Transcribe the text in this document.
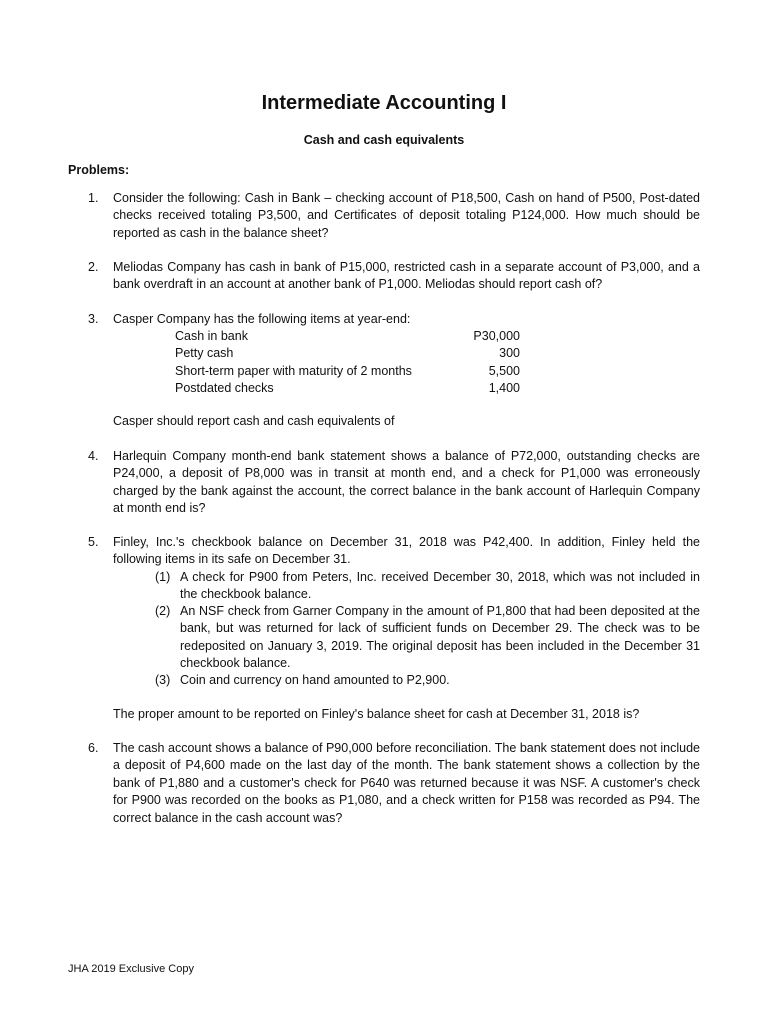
Intermediate Accounting I
Cash and cash equivalents
Problems:
1.	Consider the following: Cash in Bank – checking account of P18,500, Cash on hand of P500, Post-dated checks received totaling P3,500, and Certificates of deposit totaling P124,000. How much should be reported as cash in the balance sheet?
2.	Meliodas Company has cash in bank of P15,000, restricted cash in a separate account of P3,000, and a bank overdraft in an account at another bank of P1,000. Meliodas should report cash of?
3.	Casper Company has the following items at year-end:
Cash in bank	P30,000
Petty cash	300
Short-term paper with maturity of 2 months	5,500
Postdated checks	1,400
Casper should report cash and cash equivalents of
4.	Harlequin Company month-end bank statement shows a balance of P72,000, outstanding checks are P24,000, a deposit of P8,000 was in transit at month end, and a check for P1,000 was erroneously charged by the bank against the account, the correct balance in the bank account of Harlequin Company at month end is?
5.	Finley, Inc.'s checkbook balance on December 31, 2018 was P42,400. In addition, Finley held the following items in its safe on December 31.
(1) A check for P900 from Peters, Inc. received December 30, 2018, which was not included in the checkbook balance.
(2) An NSF check from Garner Company in the amount of P1,800 that had been deposited at the bank, but was returned for lack of sufficient funds on December 29. The check was to be redeposited on January 3, 2019. The original deposit has been included in the December 31 checkbook balance.
(3) Coin and currency on hand amounted to P2,900.
The proper amount to be reported on Finley's balance sheet for cash at December 31, 2018 is?
6.	The cash account shows a balance of P90,000 before reconciliation. The bank statement does not include a deposit of P4,600 made on the last day of the month. The bank statement shows a collection by the bank of P1,880 and a customer's check for P640 was returned because it was NSF. A customer's check for P900 was recorded on the books as P1,080, and a check written for P158 was recorded as P94. The correct balance in the cash account was?
JHA 2019 Exclusive Copy
